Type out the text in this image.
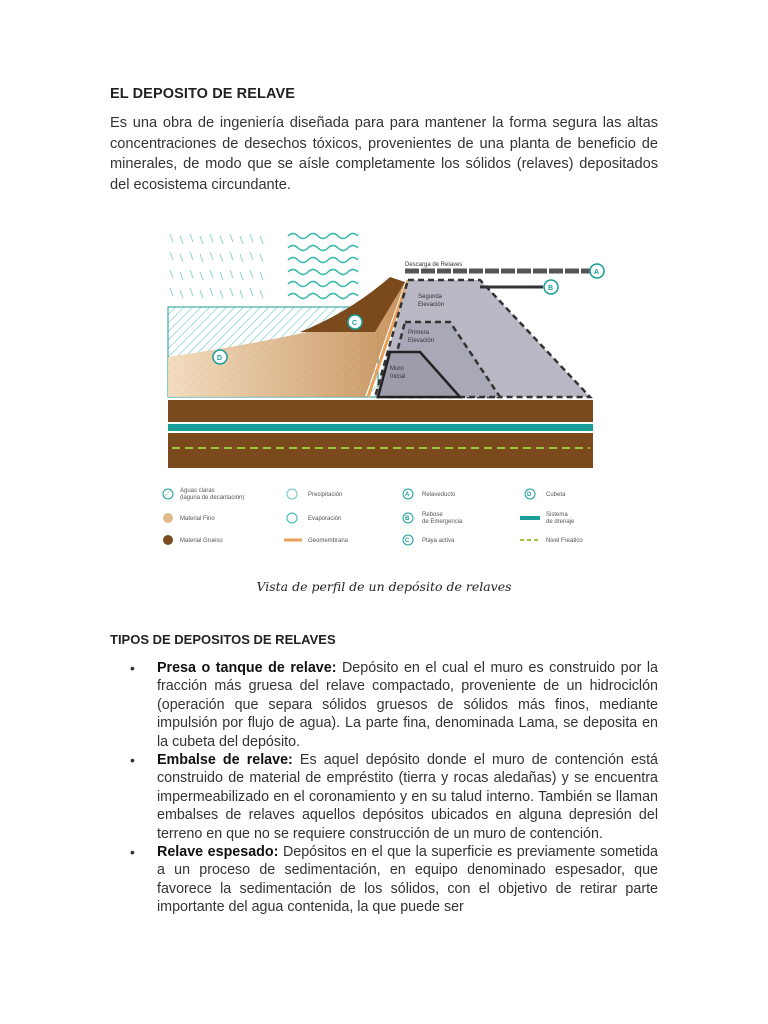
EL DEPOSITO DE RELAVE
Es una obra de ingeniería diseñada para para mantener la forma segura las altas concentraciones de desechos tóxicos, provenientes de una planta de beneficio de minerales, de modo que se aísle completamente los sólidos (relaves) depositados del ecosistema circundante.
Segunda
Elevación
Primera
Elevación
Muro
Inicial
Descarga de Relaves
A
B
C
D
Aguas claras
(laguna de decantación)
Material Fino
Material Grueso
Precipitación
Evaporación
Geomembrana
A Relaveducto
B
Rebose
de Emergencia
C Playa activa
D Cubeta
Sistema
de drenaje
Nivel Freático
Vista de perfil de un depósito de relaves
TIPOS DE DEPOSITOS DE RELAVES
• Presa o tanque de relave: Depósito en el cual el muro es construido por la fracción más gruesa del relave compactado, proveniente de un hidrociclón (operación que separa sólidos gruesos de sólidos más finos, mediante impulsión por flujo de agua). La parte fina, denominada Lama, se deposita en la cubeta del depósito.
• Embalse de relave: Es aquel depósito donde el muro de contención está construido de material de empréstito (tierra y rocas aledañas) y se encuentra impermeabilizado en el coronamiento y en su talud interno. También se llaman embalses de relaves aquellos depósitos ubicados en alguna depresión del terreno en que no se requiere construcción de un muro de contención.
• Relave espesado: Depósitos en el que la superficie es previamente sometida a un proceso de sedimentación, en equipo denominado espesador, que favorece la sedimentación de los sólidos, con el objetivo de retirar parte importante del agua contenida, la que puede ser
